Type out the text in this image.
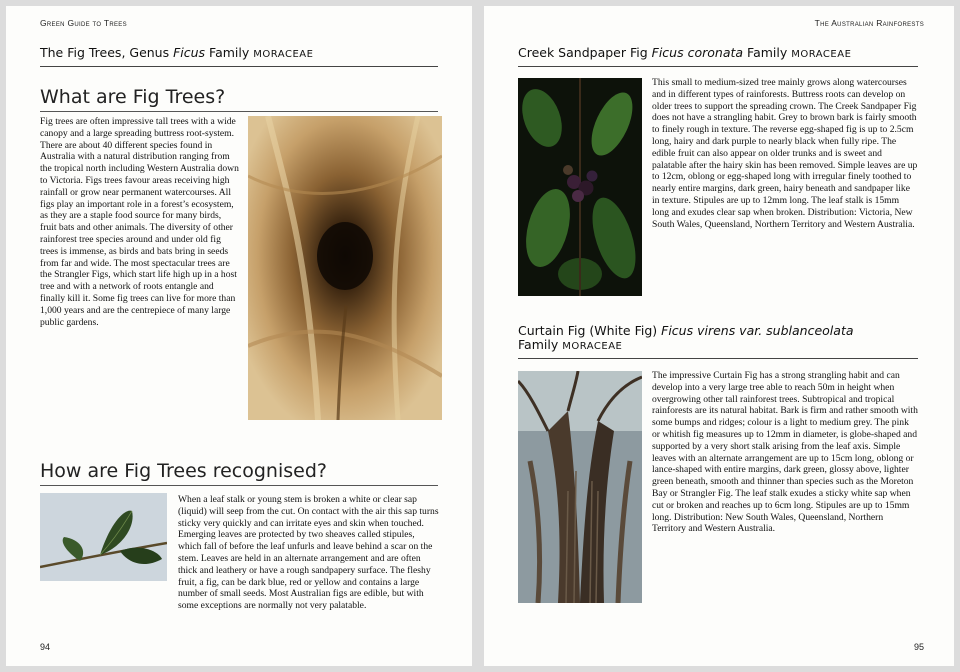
Green Guide to Trees
The Fig Trees, Genus Ficus Family MORACEAE
What are Fig Trees?

Fig trees are often impressive tall trees with a wide canopy and a large spreading buttress root-system. There are about 40 different species found in Australia with a natural distribution ranging from the tropical north including Western Australia down to Victoria. Figs trees favour areas receiving high rainfall or grow near permanent watercourses. All figs play an important role in a forest’s ecosystem, as they are a staple food source for many birds, fruit bats and other animals. The diversity of other rainforest tree species around and under old fig trees is immense, as birds and bats bring in seeds from far and wide. The most spectacular trees are the Strangler Figs, which start life high up in a host tree and with a network of roots entangle and finally kill it. Some fig trees can live for more than 1,000 years and are the centrepiece of many large public gardens.

How are Fig Trees recognised?

When a leaf stalk or young stem is broken a white or clear sap (liquid) will seep from the cut. On contact with the air this sap turns sticky very quickly and can irritate eyes and skin when touched. Emerging leaves are protected by two sheaves called stipules, which fall of before the leaf unfurls and leave behind a scar on the stem. Leaves are held in an alternate arrangement and are often thick and leathery or have a rough sandpapery surface. The fleshy fruit, a fig, can be dark blue, red or yellow and contains a large number of small seeds. Most Australian figs are edible, but with some exceptions are normally not very palatable.

94
The Australian Rainforests
Creek Sandpaper Fig Ficus coronata Family MORACEAE

This small to medium-sized tree mainly grows along watercourses and in different types of rainforests. Buttress roots can develop on older trees to support the spreading crown. The Creek Sandpaper Fig does not have a strangling habit. Grey to brown bark is fairly smooth to finely rough in texture. The reverse egg-shaped fig is up to 2.5cm long, hairy and dark purple to nearly black when fully ripe. The edible fruit can also appear on older trunks and is sweet and palatable after the hairy skin has been removed. Simple leaves are up to 12cm, oblong or egg-shaped long with irregular finely toothed to nearly entire margins, dark green, hairy beneath and sandpaper like in texture. Stipules are up to 12mm long. The leaf stalk is 15mm long and exudes clear sap when broken. Distribution: Victoria, New South Wales, Queensland, Northern Territory and Western Australia.

Curtain Fig (White Fig) Ficus virens var. sublanceolata
Family MORACEAE

The impressive Curtain Fig has a strong strangling habit and can develop into a very large tree able to reach 50m in height when overgrowing other tall rainforest trees. Subtropical and tropical rainforests are its natural habitat. Bark is firm and rather smooth with some bumps and ridges; colour is a light to medium grey. The pink or whitish fig measures up to 12mm in diameter, is globe-shaped and supported by a very short stalk arising from the leaf axis. Simple leaves with an alternate arrangement are up to 15cm long, oblong or lance-shaped with entire margins, dark green, glossy above, lighter green beneath, smooth and thinner than species such as the Moreton Bay or Strangler Fig. The leaf stalk exudes a sticky white sap when cut or broken and reaches up to 6cm long. Stipules are up to 15mm long. Distribution: New South Wales, Queensland, Northern Territory and Western Australia.

95
